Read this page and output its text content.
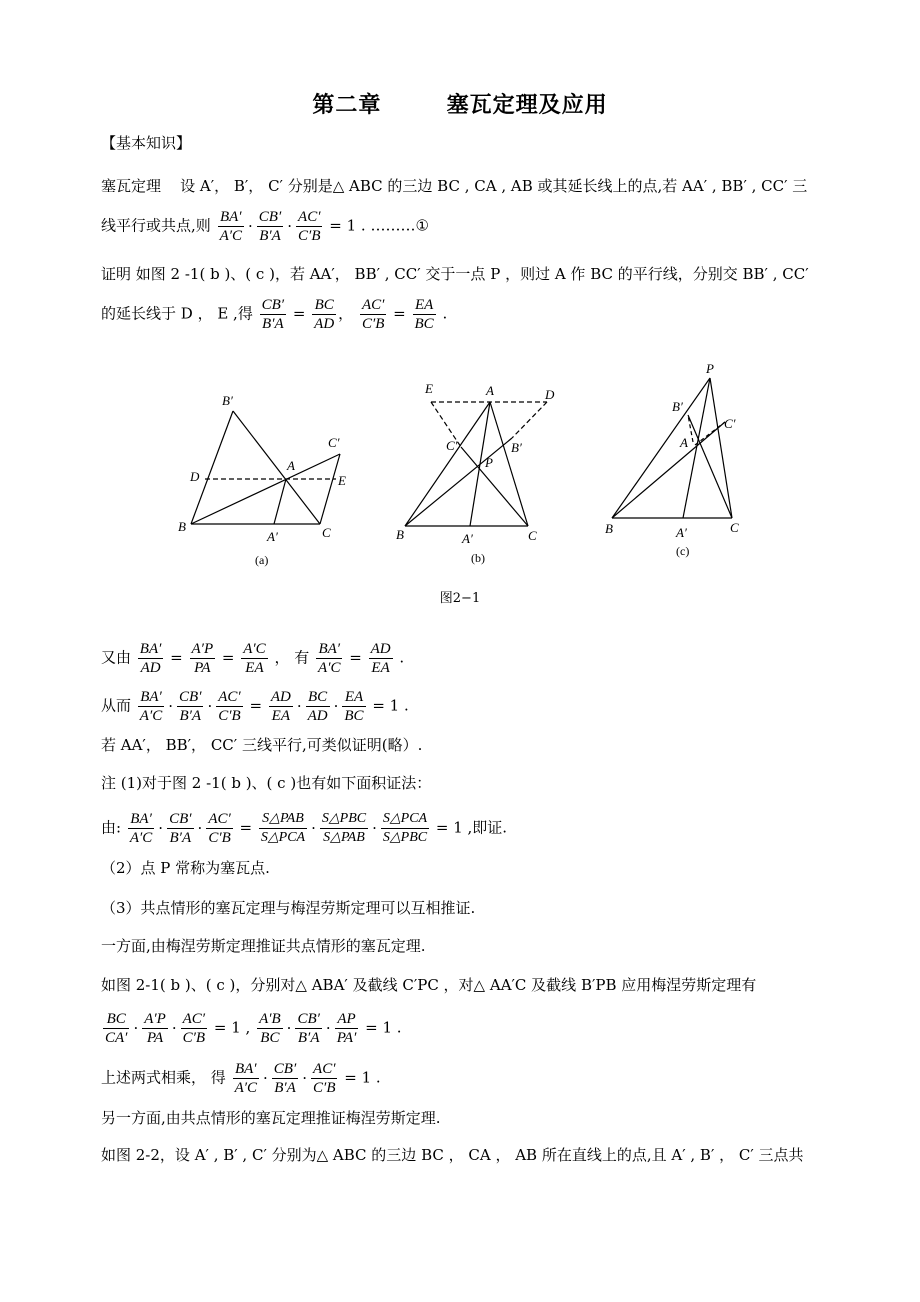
第二章	塞瓦定理及应用
【基本知识】
塞瓦定理 设 A′， B′， C′ 分别是△ ABC 的三边 BC , CA , AB 或其延长线上的点,若 AA′ , BB′ , CC′ 三
线平行或共点,则 $\frac{BA'}{A'C} \cdot \frac{CB'}{B'A} \cdot \frac{AC'}{C'B} = 1$ . ………①
证明 如图 2 -1( b )、( c )，若 AA′， BB′ , CC′ 交于一点 P ，则过 A 作 BC 的平行线，分别交 BB′ , CC′
的延长线于 D ， E ,得 $\frac{CB'}{B'A} = \frac{BC}{AD}$ ， $\frac{AC'}{C'B} = \frac{EA}{BC}$ .
B′
C′
D
A
E
B
A′	C
(a)
E	A	D
C′	B′
P
B	A′	C
(b)
P
B′
C′
A
B	A′	C
(c)
图2−1
又由 $\frac{BA'}{AD} = \frac{A'P}{PA} = \frac{A'C}{EA}$ ， 有 $\frac{BA'}{A'C} = \frac{AD}{EA}$ .
从而 $\frac{BA'}{A'C} \cdot \frac{CB'}{B'A} \cdot \frac{AC'}{C'B} = \frac{AD}{EA} \cdot \frac{BC}{AD} \cdot \frac{EA}{BC} = 1$ .
若 AA′， BB′， CC′ 三线平行,可类似证明(略）.
注 (1)对于图 2 -1( b )、( c )也有如下面积证法：
由: $\frac{BA'}{A'C} \cdot \frac{CB'}{B'A} \cdot \frac{AC'}{C'B} = \frac{\text{S△PAB}}{\text{S△PCA}} \cdot \frac{\text{S△PBC}}{\text{S△PAB}} \cdot \frac{\text{S△PCA}}{\text{S△PBC}} = 1$ ,即证.
（2）点 P 常称为塞瓦点.
（3）共点情形的塞瓦定理与梅涅劳斯定理可以互相推证.
一方面,由梅涅劳斯定理推证共点情形的塞瓦定理.
如图 2-1( b )、( c )，分别对△ ABA′ 及截线 C′PC ，对△ AA′C 及截线 B′PB 应用梅涅劳斯定理有
$\frac{BC}{CA'} \cdot \frac{A'P}{PA} \cdot \frac{AC'}{C'B} = 1$ , $\frac{A'B}{BC} \cdot \frac{CB'}{B'A} \cdot \frac{AP}{PA'} = 1$ .
上述两式相乘， 得 $\frac{BA'}{A'C} \cdot \frac{CB'}{B'A} \cdot \frac{AC'}{C'B} = 1$ .
另一方面,由共点情形的塞瓦定理推证梅涅劳斯定理.
如图 2-2，设 A′ , B′ , C′ 分别为△ ABC 的三边 BC ， CA ， AB 所在直线上的点,且 A′ , B′ ， C′ 三点共
